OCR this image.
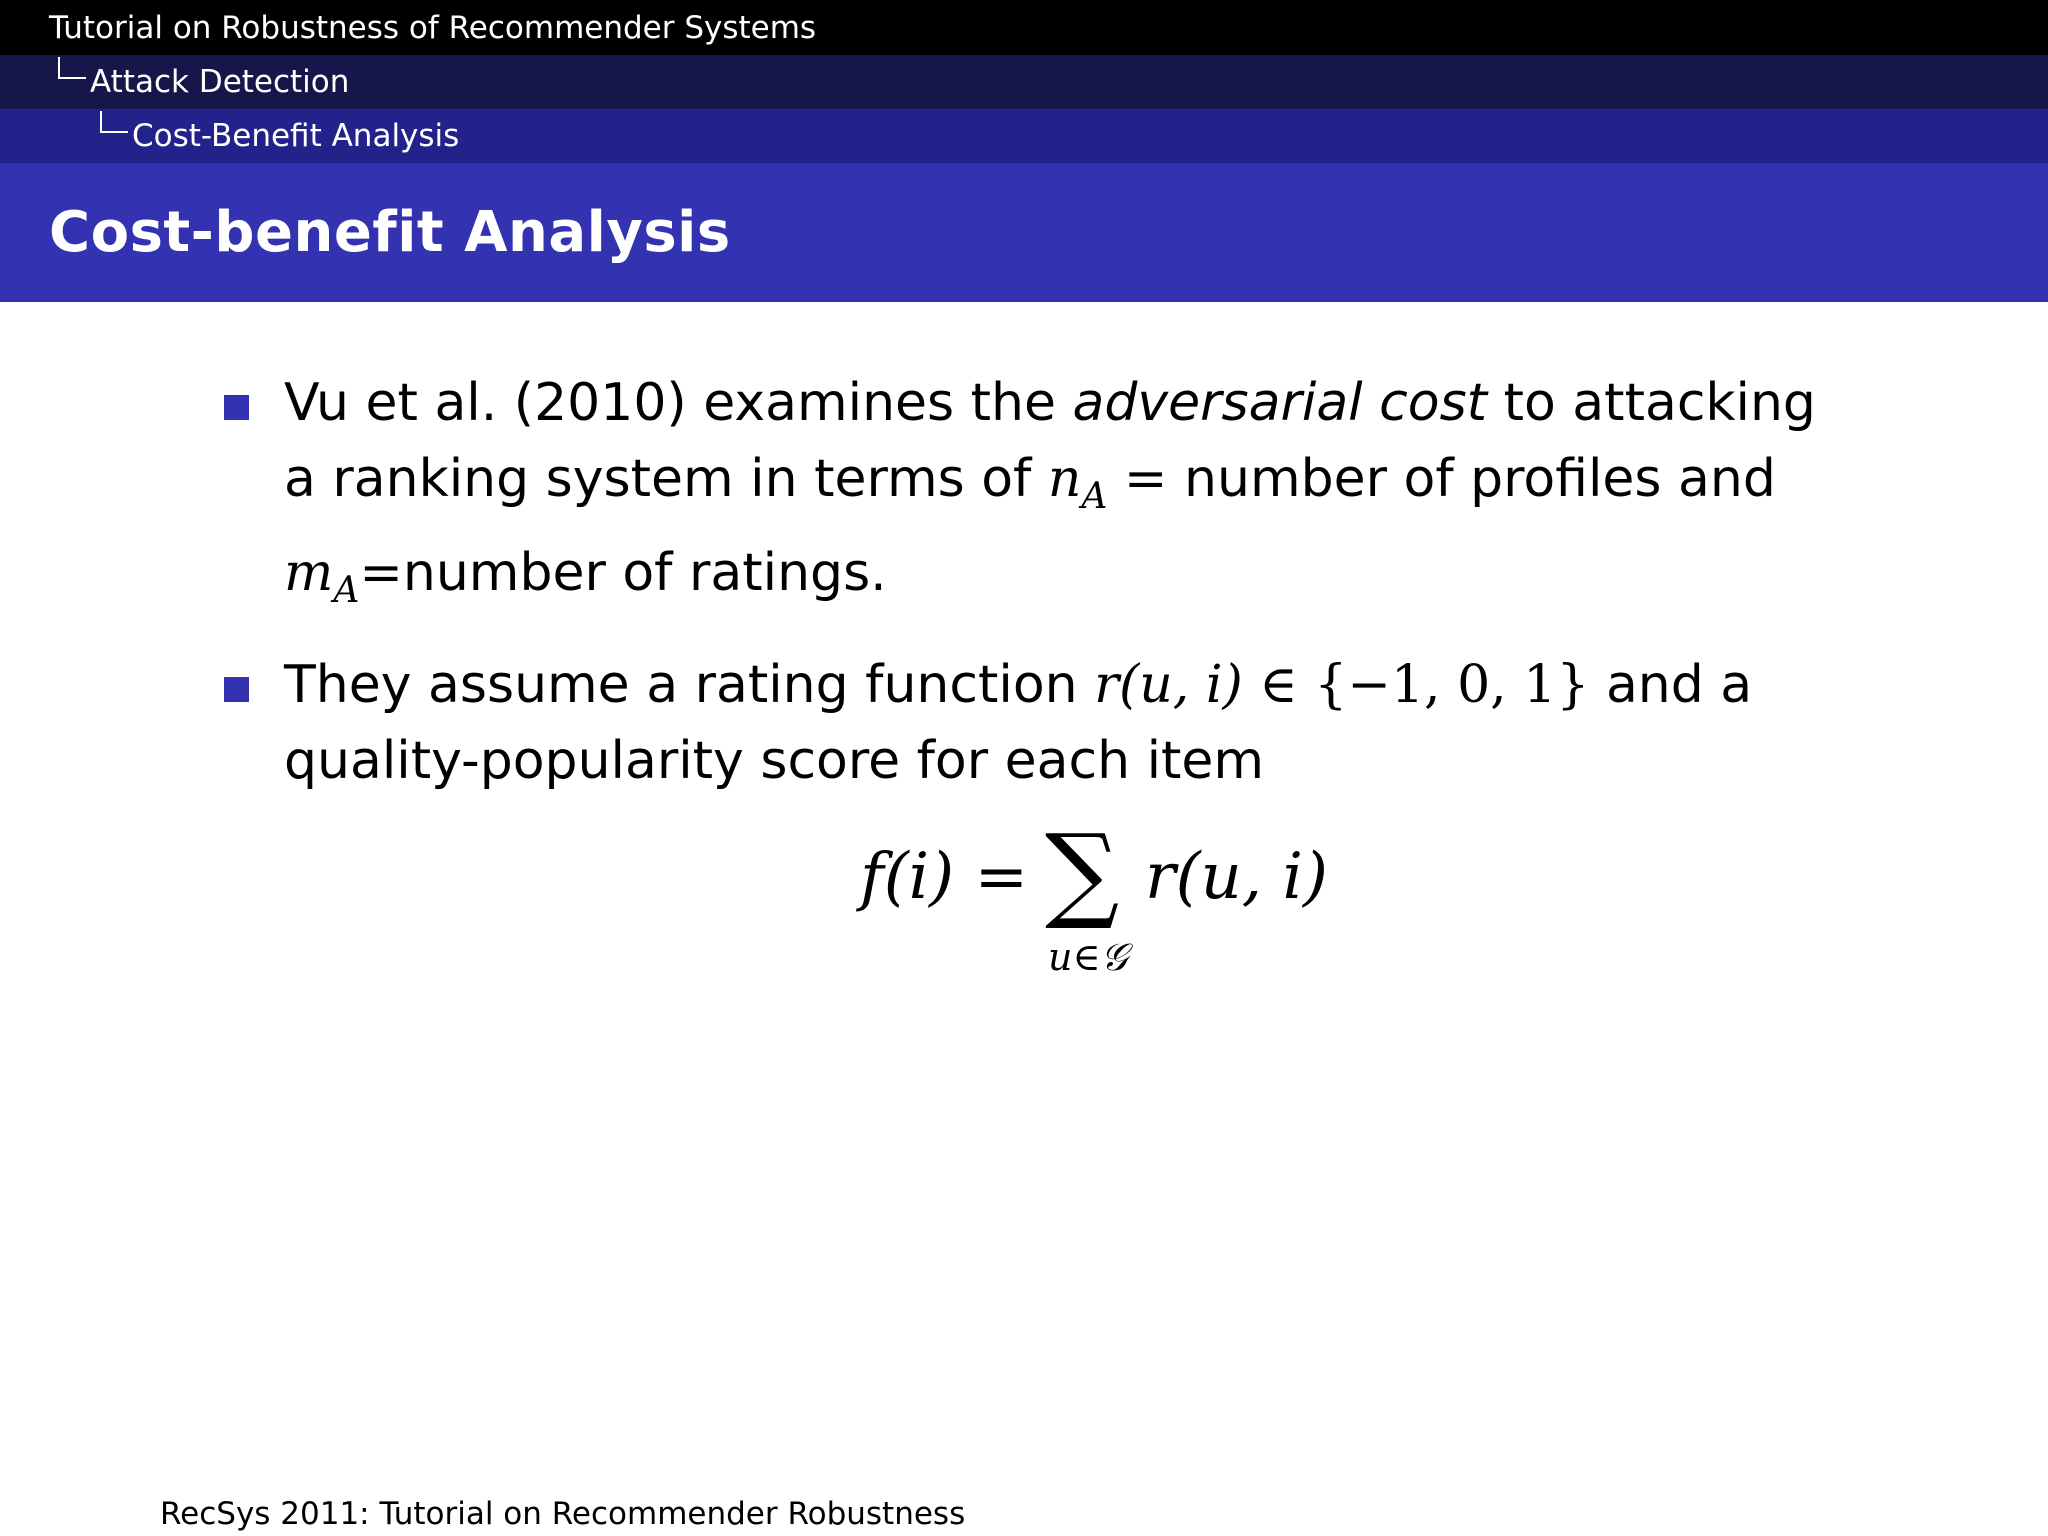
Tutorial on Robustness of Recommender Systems
Attack Detection
Cost-Benefit Analysis
Cost-benefit Analysis
Vu et al. (2010) examines the adversarial cost to attacking a ranking system in terms of $n_A$ = number of profiles and $m_A=number$ of ratings.
They assume a rating function r(u, i) ∈ {−1, 0, 1} and a quality-popularity score for each item
f(i) = ∑
u∈𝒢
r(u, i)
RecSys 2011: Tutorial on Recommender Robustness
